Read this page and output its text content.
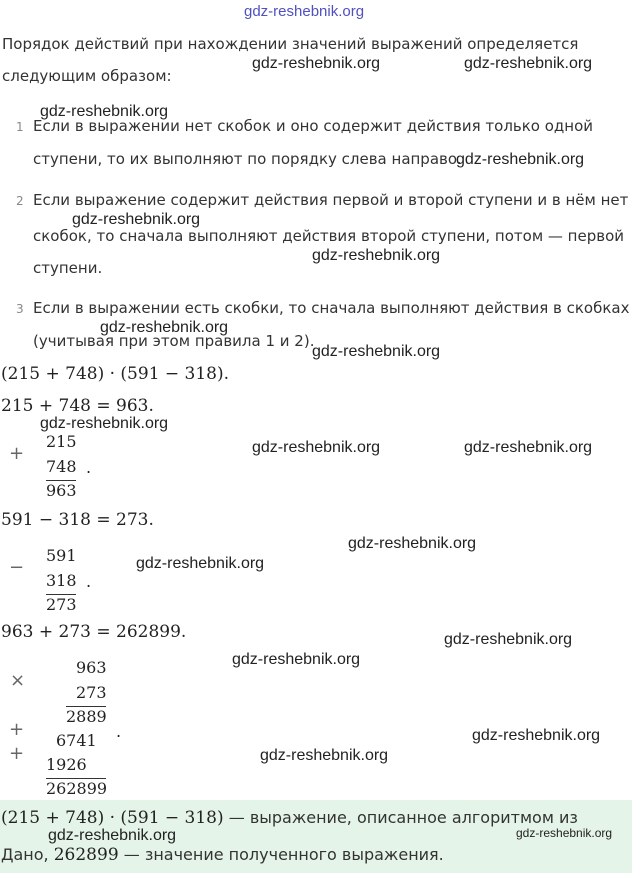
Порядок действий при нахождении значений выражений определяется
следующим образом:
1 Если в выражении нет скобок и оно содержит действия только одной
ступени, то их выполняют по порядку слева направо.
2 Если выражение содержит действия первой и второй ступени и в нём нет
скобок, то сначала выполняют действия второй ступени, потом — первой
ступени.
3 Если в выражении есть скобки, то сначала выполняют действия в скобках
(учитывая при этом правила 1 и 2).
(215 + 748) · (591 − 318).
215 + 748 = 963.
+
215
748
963
.
591 − 318 = 273.
−
591
318
273
.
963 + 273 = 262899.
×
963
273
2889
+
6741
+
1926
262899
.
(215 + 748) · (591 − 318) — выражение, описанное алгоритмом из
Дано, 262899 — значение полученного выражения.
gdz-reshebnik.org
gdz-reshebnik.org	gdz-reshebnik.org
gdz-reshebnik.org
gdz-reshebnik.org
gdz-reshebnik.org
gdz-reshebnik.org
gdz-reshebnik.org
gdz-reshebnik.org
gdz-reshebnik.org
gdz-reshebnik.org	gdz-reshebnik.org
gdz-reshebnik.org
gdz-reshebnik.org
gdz-reshebnik.org
gdz-reshebnik.org
gdz-reshebnik.org
gdz-reshebnik.org
gdz-reshebnik.org	gdz-reshebnik.org
